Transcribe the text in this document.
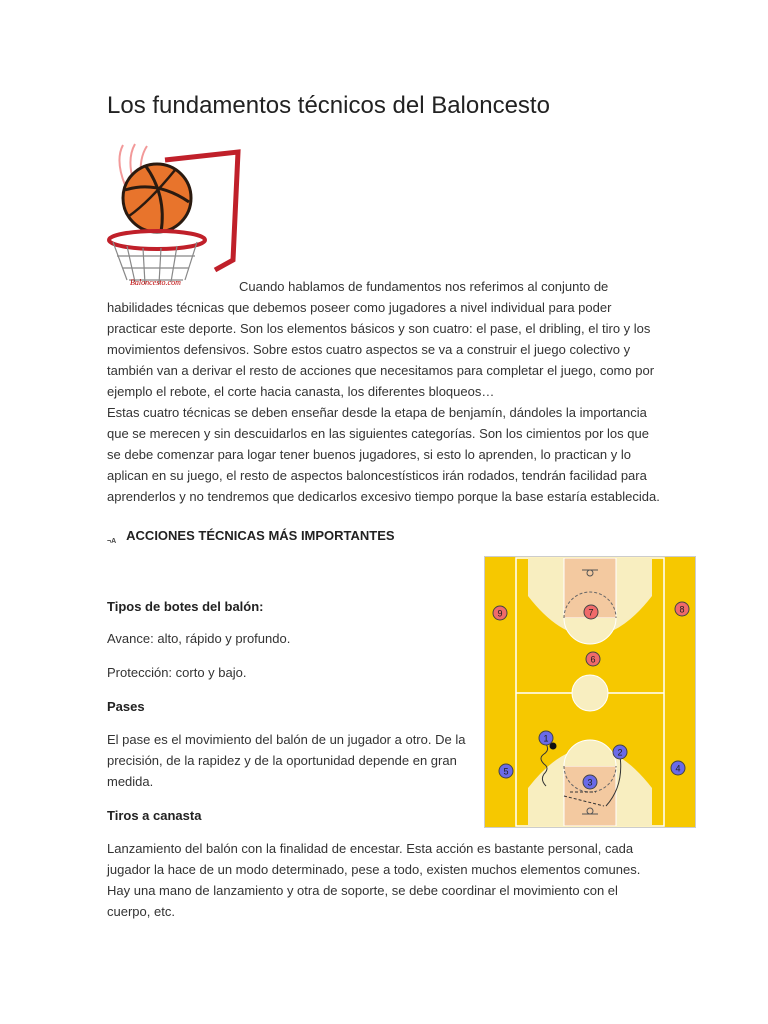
Los fundamentos técnicos del Baloncesto
Baloncesto.com	Cuando hablamos de fundamentos nos referimos al conjunto de habilidades técnicas que debemos poseer como jugadores a nivel individual para poder practicar este deporte. Son los elementos básicos y son cuatro: el pase, el dribling, el tiro y los movimientos defensivos. Sobre estos cuatro aspectos se va a construir el juego colectivo y también van a derivar el resto de acciones que necesitamos para completar el juego, como por ejemplo el rebote, el corte hacia canasta, los diferentes bloqueos…
Estas cuatro técnicas se deben enseñar desde la etapa de benjamín, dándoles la importancia que se merecen y sin descuidarlos en las siguientes categorías. Son los cimientos por los que se debe comenzar para logar tener buenos jugadores, si esto lo aprenden, lo practican y lo aplican en su juego, el resto de aspectos baloncestísticos irán rodados, tendrán facilidad para aprenderlos y no tendremos que dedicarlos excesivo tiempo porque la base estaría establecida.
$_{\neg A}$ ACCIONES TÉCNICAS MÁS IMPORTANTES
Tipos de botes del balón:
Avance: alto, rápido y profundo.
Protección: corto y bajo.
Pases
El pase es el movimiento del balón de un jugador a otro. De la precisión, de la rapidez y de la oportunidad depende en gran medida.
Tiros a canasta
Lanzamiento del balón con la finalidad de encestar. Esta acción es bastante personal, cada jugador la hace de un modo determinado, pese a todo, existen muchos elementos comunes. Hay una mano de lanzamiento y otra de soporte, se debe coordinar el movimiento con el cuerpo, etc.
9	7	8
6
1
2
5
3
4
